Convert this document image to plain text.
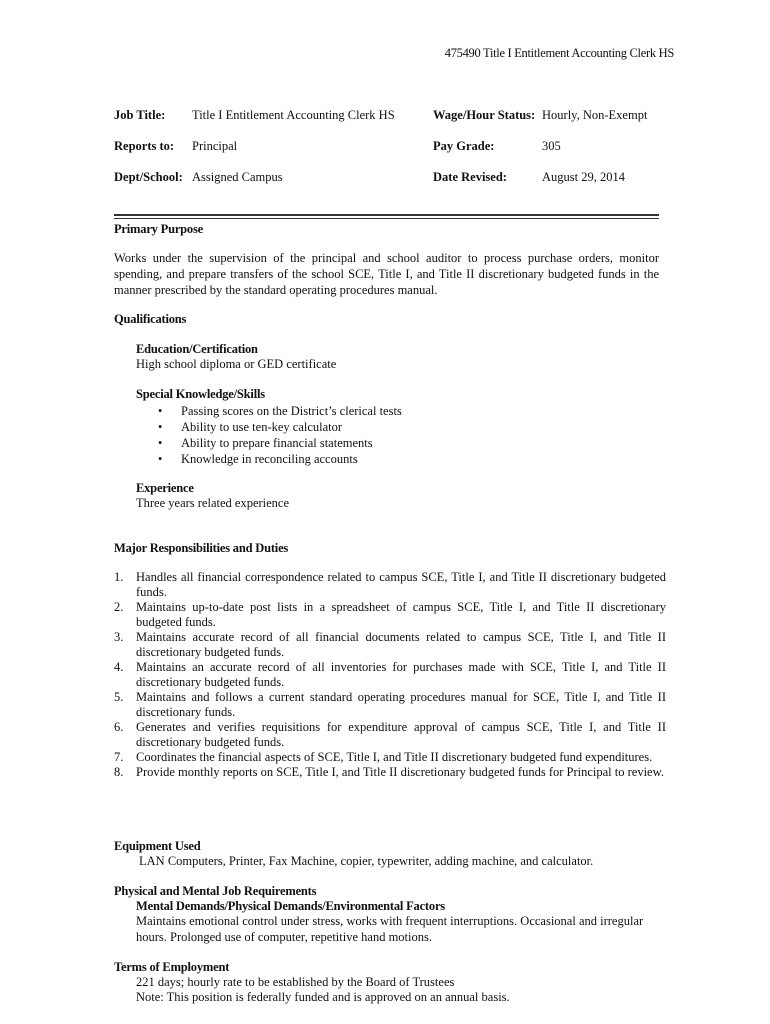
475490 Title I Entitlement Accounting Clerk HS
Job Title: Title I Entitlement Accounting Clerk HS	Wage/Hour Status: Hourly, Non-Exempt
Reports to: Principal	Pay Grade:	305
Dept/School: Assigned Campus	Date Revised:	August 29, 2014
Primary Purpose
Works under the supervision of the principal and school auditor to process purchase orders, monitor spending, and prepare transfers of the school SCE, Title I, and Title II discretionary budgeted funds in the manner prescribed by the standard operating procedures manual.
Qualifications
Education/Certification
High school diploma or GED certificate
Special Knowledge/Skills
• Passing scores on the District’s clerical tests
• Ability to use ten-key calculator
• Ability to prepare financial statements
• Knowledge in reconciling accounts
Experience
Three years related experience
Major Responsibilities and Duties
1. Handles all financial correspondence related to campus SCE, Title I, and Title II discretionary budgeted funds.
2. Maintains up-to-date post lists in a spreadsheet of campus SCE, Title I, and Title II discretionary budgeted funds.
3. Maintains accurate record of all financial documents related to campus SCE, Title I, and Title II discretionary budgeted funds.
4. Maintains an accurate record of all inventories for purchases made with SCE, Title I, and Title II discretionary budgeted funds.
5. Maintains and follows a current standard operating procedures manual for SCE, Title I, and Title II discretionary funds.
6. Generates and verifies requisitions for expenditure approval of campus SCE, Title I, and Title II discretionary budgeted funds.
7. Coordinates the financial aspects of SCE, Title I, and Title II discretionary budgeted fund expenditures.
8. Provide monthly reports on SCE, Title I, and Title II discretionary budgeted funds for Principal to review.
Equipment Used
LAN Computers, Printer, Fax Machine, copier, typewriter, adding machine, and calculator.
Physical and Mental Job Requirements
Mental Demands/Physical Demands/Environmental Factors
Maintains emotional control under stress, works with frequent interruptions. Occasional and irregular hours. Prolonged use of computer, repetitive hand motions.
Terms of Employment
221 days; hourly rate to be established by the Board of Trustees
Note: This position is federally funded and is approved on an annual basis.
